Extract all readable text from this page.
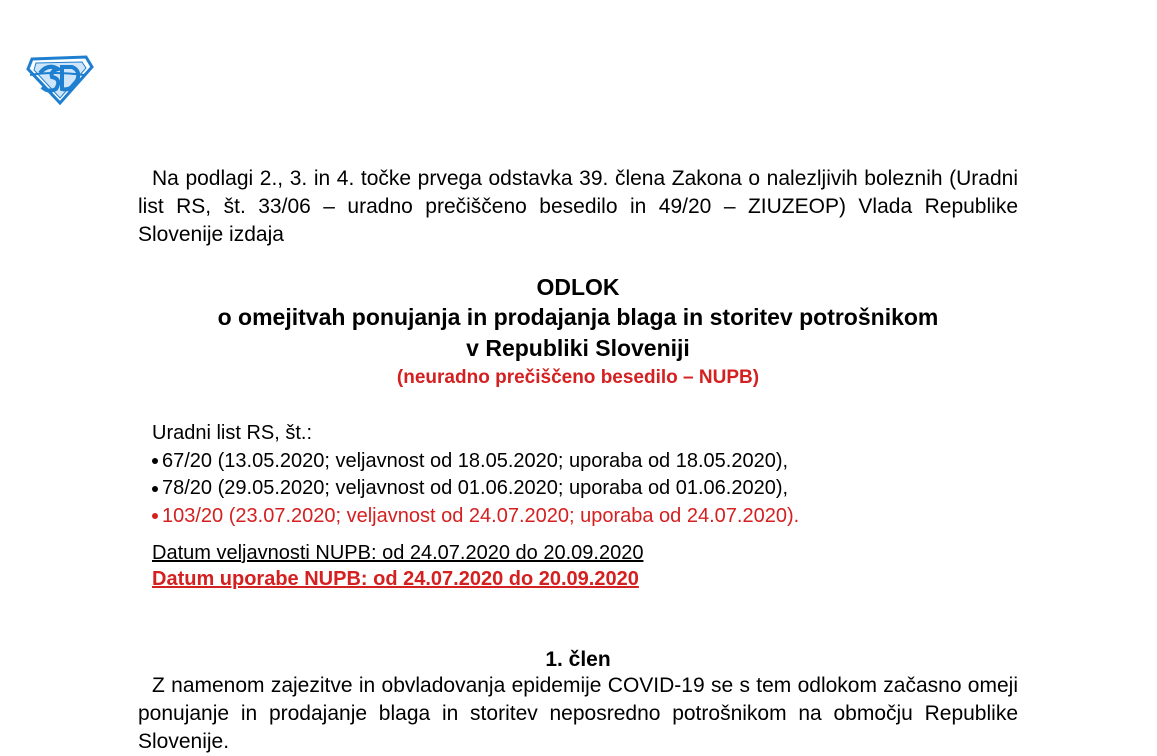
Na podlagi 2., 3. in 4. točke prvega odstavka 39. člena Zakona o nalezljivih boleznih (Uradni list RS, št. 33/06 – uradno prečiščeno besedilo in 49/20 – ZIUZEOP) Vlada Republike Slovenije izdaja
ODLOK
o omejitvah ponujanja in prodajanja blaga in storitev potrošnikom
v Republiki Sloveniji
(neuradno prečiščeno besedilo – NUPB)
Uradni list RS, št.:
67/20 (13.05.2020; veljavnost od 18.05.2020; uporaba od 18.05.2020),
78/20 (29.05.2020; veljavnost od 01.06.2020; uporaba od 01.06.2020),
103/20 (23.07.2020; veljavnost od 24.07.2020; uporaba od 24.07.2020).
Datum veljavnosti NUPB: od 24.07.2020 do 20.09.2020
Datum uporabe NUPB: od 24.07.2020 do 20.09.2020
1. člen
Z namenom zajezitve in obvladovanja epidemije COVID-19 se s tem odlokom začasno omeji ponujanje in prodajanje blaga in storitev neposredno potrošnikom na območju Republike Slovenije.
